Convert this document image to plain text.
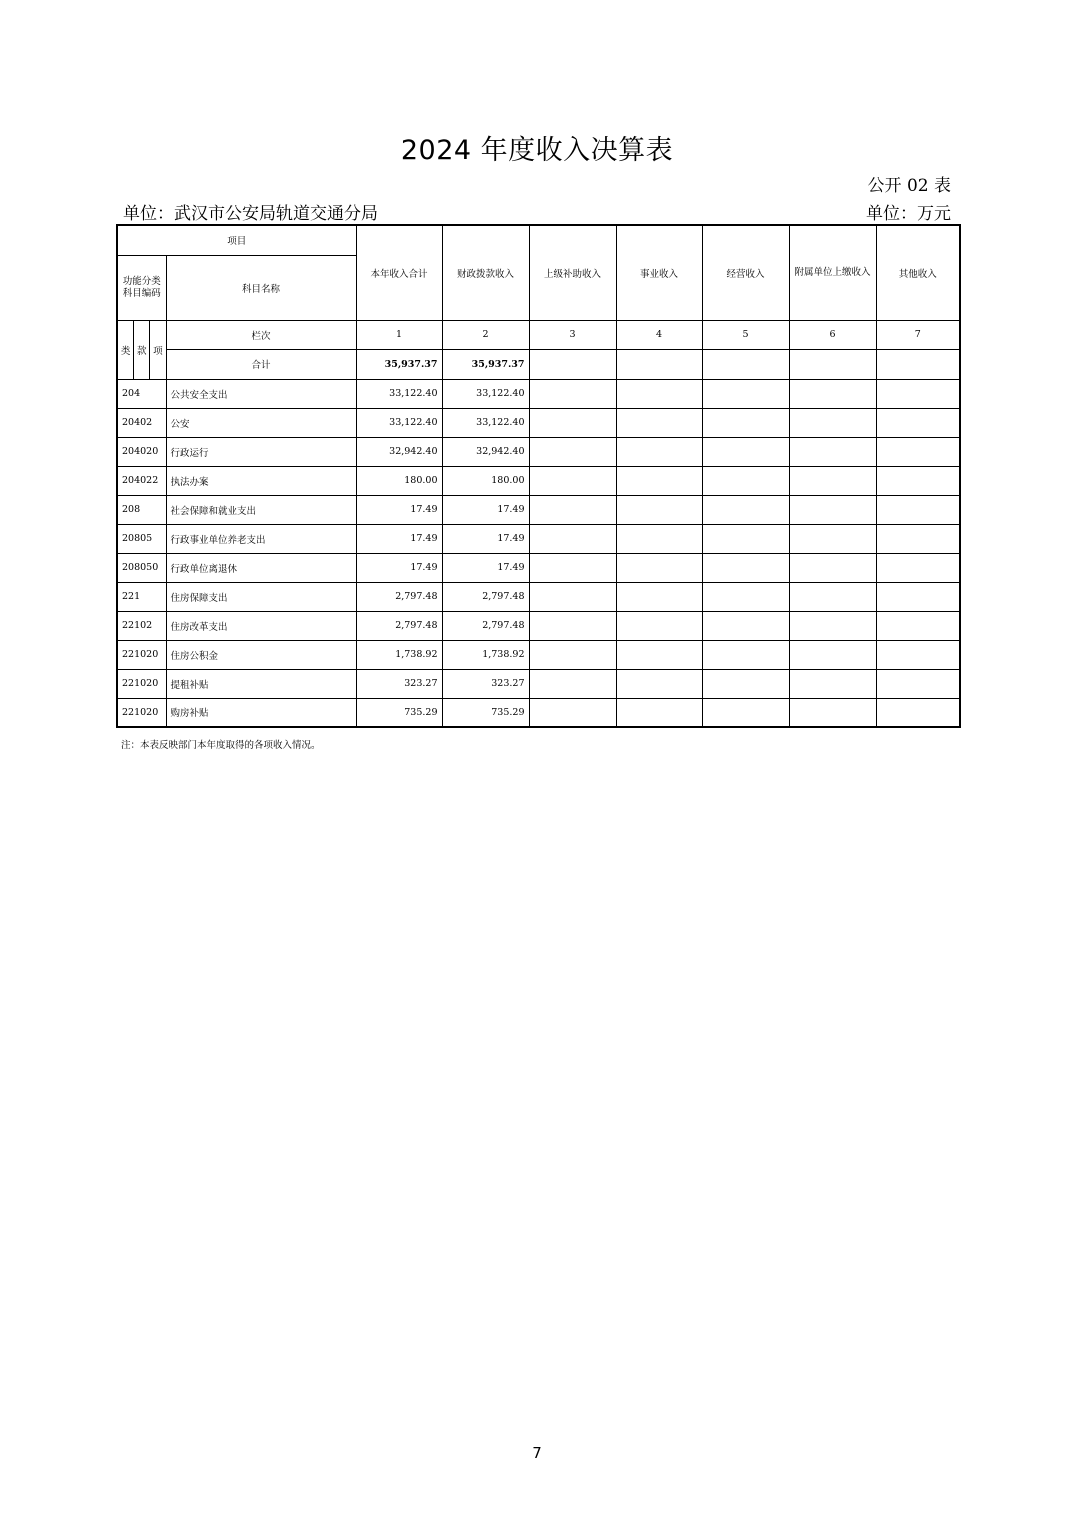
2024 年度收入决算表
公开 02 表
单位：武汉市公安局轨道交通分局	单位：万元
项目		本年收入合计	财政拨款收入	上级补助收入	事业收入	经营收入	附属单位上缴收入	其他收入
功能分类科目编码	科目名称							

类 款 项	栏次	1	2	3	4	5	6	7
	合计	35,937.37	35,937.37					
204	公共安全支出	33,122.40	33,122.40					
20402	公安	33,122.40	33,122.40					
204020	行政运行	32,942.40	32,942.40					
204022	执法办案	180.00	180.00					
208	社会保障和就业支出	17.49	17.49					
20805	行政事业单位养老支出	17.49	17.49					
208050	行政单位离退休	17.49	17.49					
221	住房保障支出	2,797.48	2,797.48					
22102	住房改革支出	2,797.48	2,797.48					
221020	住房公积金	1,738.92	1,738.92					
221020	提租补贴	323.27	323.27					
221020	购房补贴	735.29	735.29					
注：本表反映部门本年度取得的各项收入情况。
7
